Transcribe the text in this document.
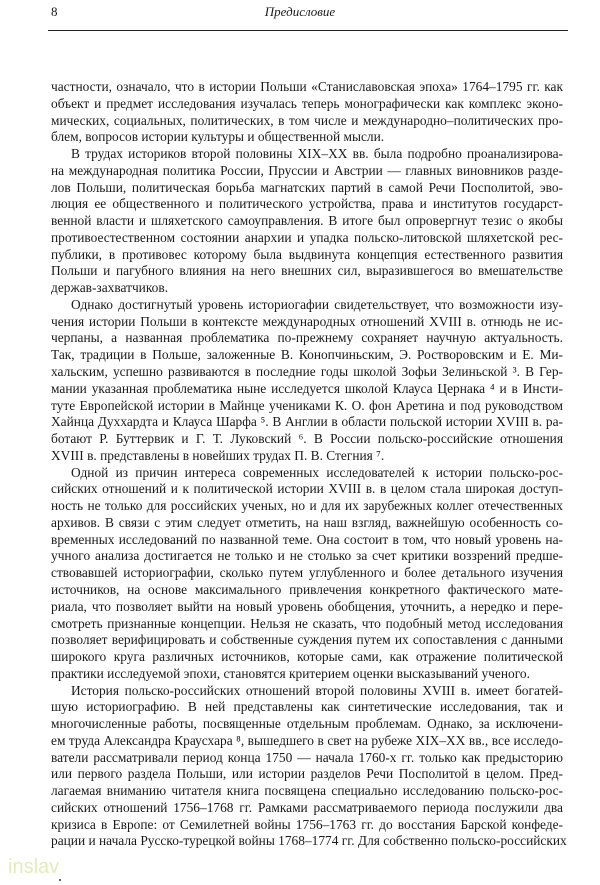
8	Предисловие
частности, означало, что в истории Польши «Станиславовская эпоха» 1764–1795 гг. как
объект и предмет исследования изучалась теперь монографически как комплекс эконо-
мических, социальных, политических, в том числе и международно–политических про-
блем, вопросов истории культуры и общественной мысли.
В трудах историков второй половины XIX–XX вв. была подробно проанализирова-
на международная политика России, Пруссии и Австрии — главных виновников разде-
лов Польши, политическая борьба магнатских партий в самой Речи Посполитой, эво-
люция ее общественного и политического устройства, права и институтов государст-
венной власти и шляхетского самоуправления. В итоге был опровергнут тезис о якобы
противоестественном состоянии анархии и упадка польско-литовской шляхетской рес-
публики, в противовес которому была выдвинута концепция естественного развития
Польши и пагубного влияния на него внешних сил, выразившегося во вмешательстве
держав-захватчиков.
Однако достигнутый уровень историогафии свидетельствует, что возможности изу-
чения истории Польши в контексте международных отношений XVIII в. отнюдь не ис-
черпаны, а названная проблематика по-прежнему сохраняет научную актуальность.
Так, традиции в Польше, заложенные В. Конопчиньским, Э. Ростворовским и Е. Ми-
хальским, успешно развиваются в последние годы школой Зофьи Зелиньской ³. В Гер-
мании указанная проблематика ныне исследуется школой Клауса Цернака ⁴ и в Инсти-
туте Европейской истории в Майнце учениками К. О. фон Аретина и под руководством
Хайнца Духхардта и Клауса Шарфа ⁵. В Англии в области польской истории XVIII в. ра-
ботают Р. Буттервик и Г. Т. Луковский ⁶. В России польско-российские отношения
XVIII в. представлены в новейших трудах П. В. Стегния ⁷.
Одной из причин интереса современных исследователей к истории польско-рос-
сийских отношений и к политической истории XVIII в. в целом стала широкая доступ-
ность не только для российских ученых, но и для их зарубежных коллег отечественных
архивов. В связи с этим следует отметить, на наш взгляд, важнейшую особенность со-
временных исследований по названной теме. Она состоит в том, что новый уровень на-
учного анализа достигается не только и не столько за счет критики воззрений предше-
ствовавшей историографии, сколько путем углубленного и более детального изучения
источников, на основе максимального привлечения конкретного фактического мате-
риала, что позволяет выйти на новый уровень обобщения, уточнить, а нередко и пере-
смотреть признанные концепции. Нельзя не сказать, что подобный метод исследования
позволяет верифицировать и собственные суждения путем их сопоставления с данными
широкого круга различных источников, которые сами, как отражение политической
практики исследуемой эпохи, становятся критерием оценки высказываний ученого.
История польско-российских отношений второй половины XVIII в. имеет богатей-
шую историографию. В ней представлены как синтетические исследования, так и
многочисленные работы, посвященные отдельным проблемам. Однако, за исключени-
ем труда Александра Краусхара ⁸, вышедшего в свет на рубеже XIX–XX вв., все исследо-
ватели рассматривали период конца 1750 — начала 1760-х гг. только как предысторию
или первого раздела Польши, или истории разделов Речи Посполитой в целом. Пред-
лагаемая вниманию читателя книга посвящена специально исследованию польско-рос-
сийских отношений 1756–1768 гг. Рамками рассматриваемого периода послужили два
кризиса в Европе: от Семилетней войны 1756–1763 гг. до восстания Барской конфеде-
рации и начала Русско-турецкой войны 1768–1774 гг. Для собственно польско-российских
inslav
